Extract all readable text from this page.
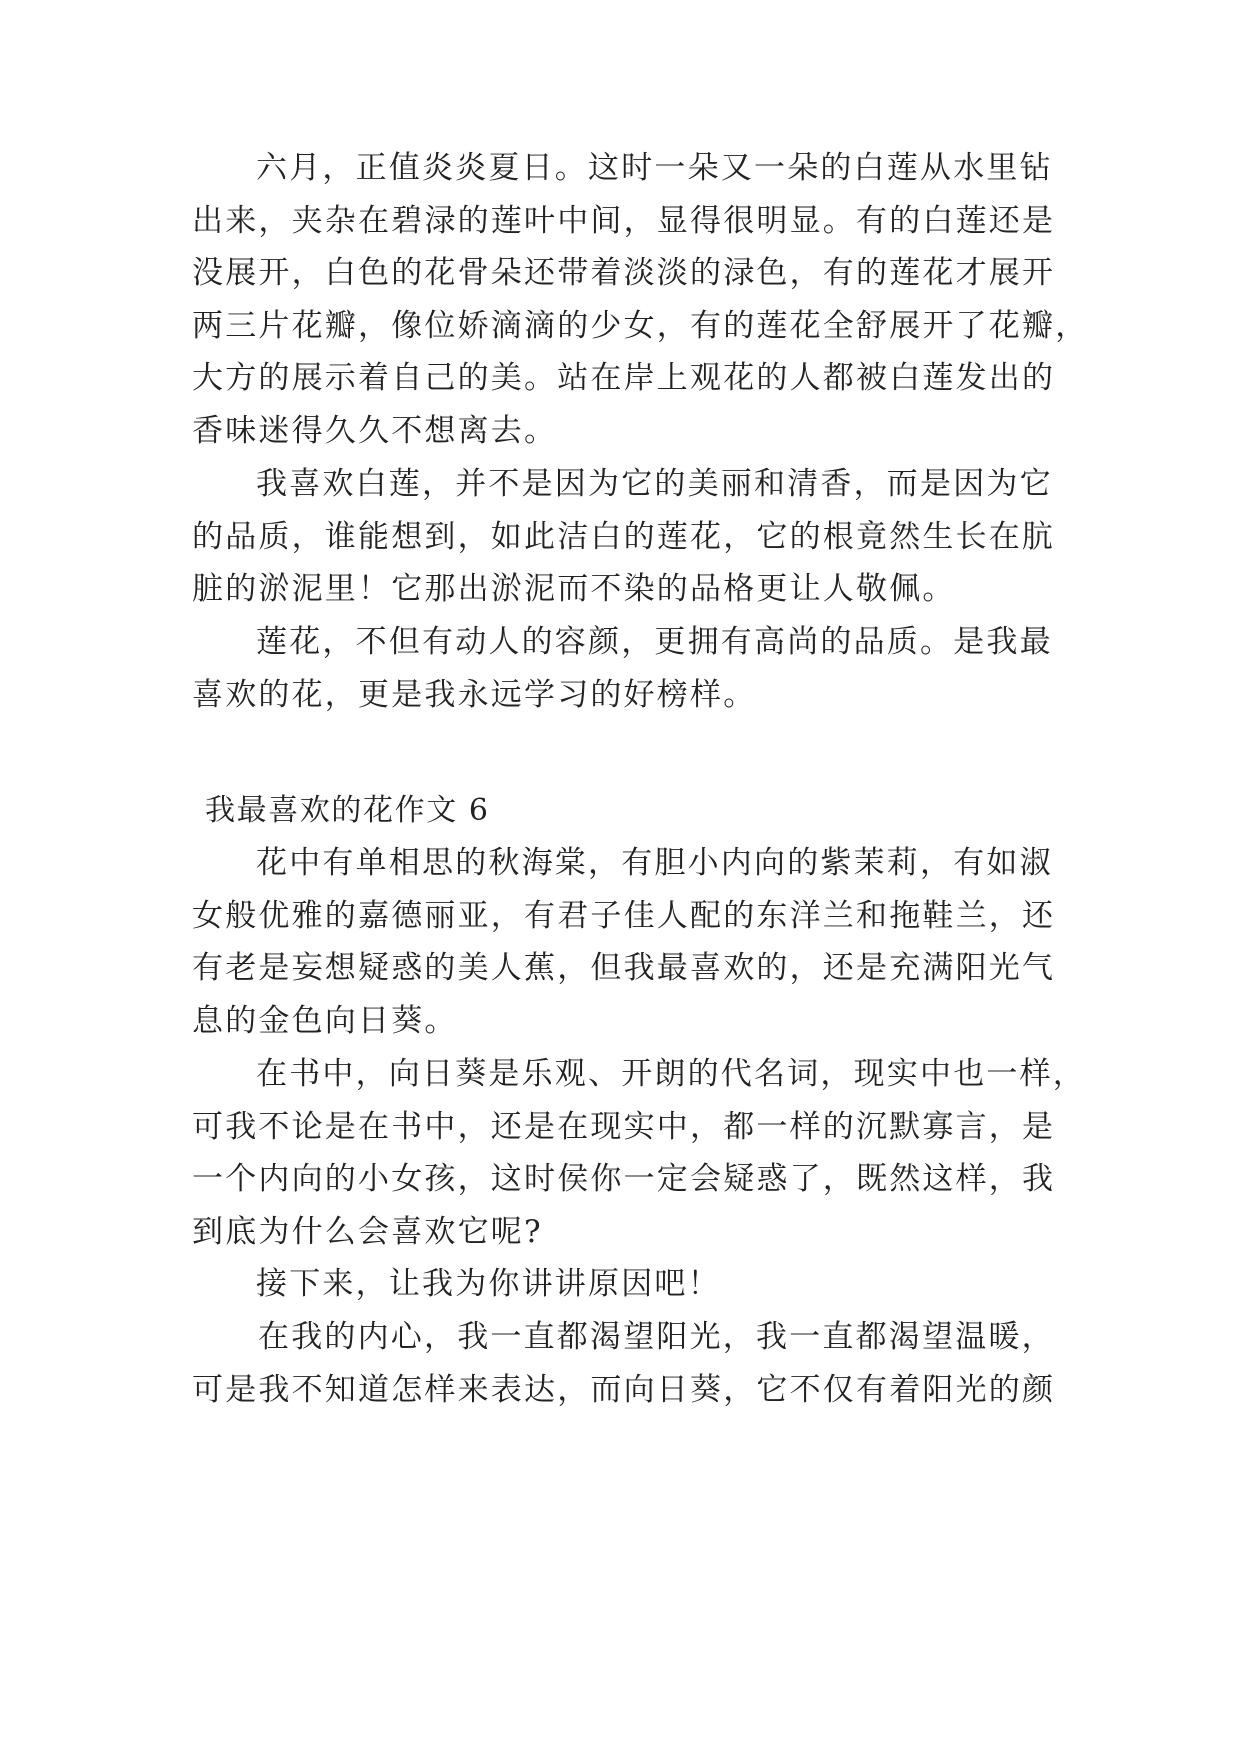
六月，正值炎炎夏日。这时一朵又一朵的白莲从水里钻
出来，夹杂在碧渌的莲叶中间，显得很明显。有的白莲还是
没展开，白色的花骨朵还带着淡淡的渌色，有的莲花才展开
两三片花瓣，像位娇滴滴的少女，有的莲花全舒展开了花瓣，
大方的展示着自己的美。站在岸上观花的人都被白莲发出的
香味迷得久久不想离去。
我喜欢白莲，并不是因为它的美丽和清香，而是因为它
的品质，谁能想到，如此洁白的莲花，它的根竟然生长在肮
脏的淤泥里！它那出淤泥而不染的品格更让人敬佩。
莲花，不但有动人的容颜，更拥有高尚的品质。是我最
喜欢的花，更是我永远学习的好榜样。
我最喜欢的花作文 6
花中有单相思的秋海棠，有胆小内向的紫茉莉，有如淑
女般优雅的嘉德丽亚，有君子佳人配的东洋兰和拖鞋兰，还
有老是妄想疑惑的美人蕉，但我最喜欢的，还是充满阳光气
息的金色向日葵。
在书中，向日葵是乐观、开朗的代名词，现实中也一样，
可我不论是在书中，还是在现实中，都一样的沉默寡言，是
一个内向的小女孩，这时侯你一定会疑惑了，既然这样，我
到底为什么会喜欢它呢?
接下来，让我为你讲讲原因吧！
在我的内心，我一直都渴望阳光，我一直都渴望温暖，
可是我不知道怎样来表达，而向日葵，它不仅有着阳光的颜
